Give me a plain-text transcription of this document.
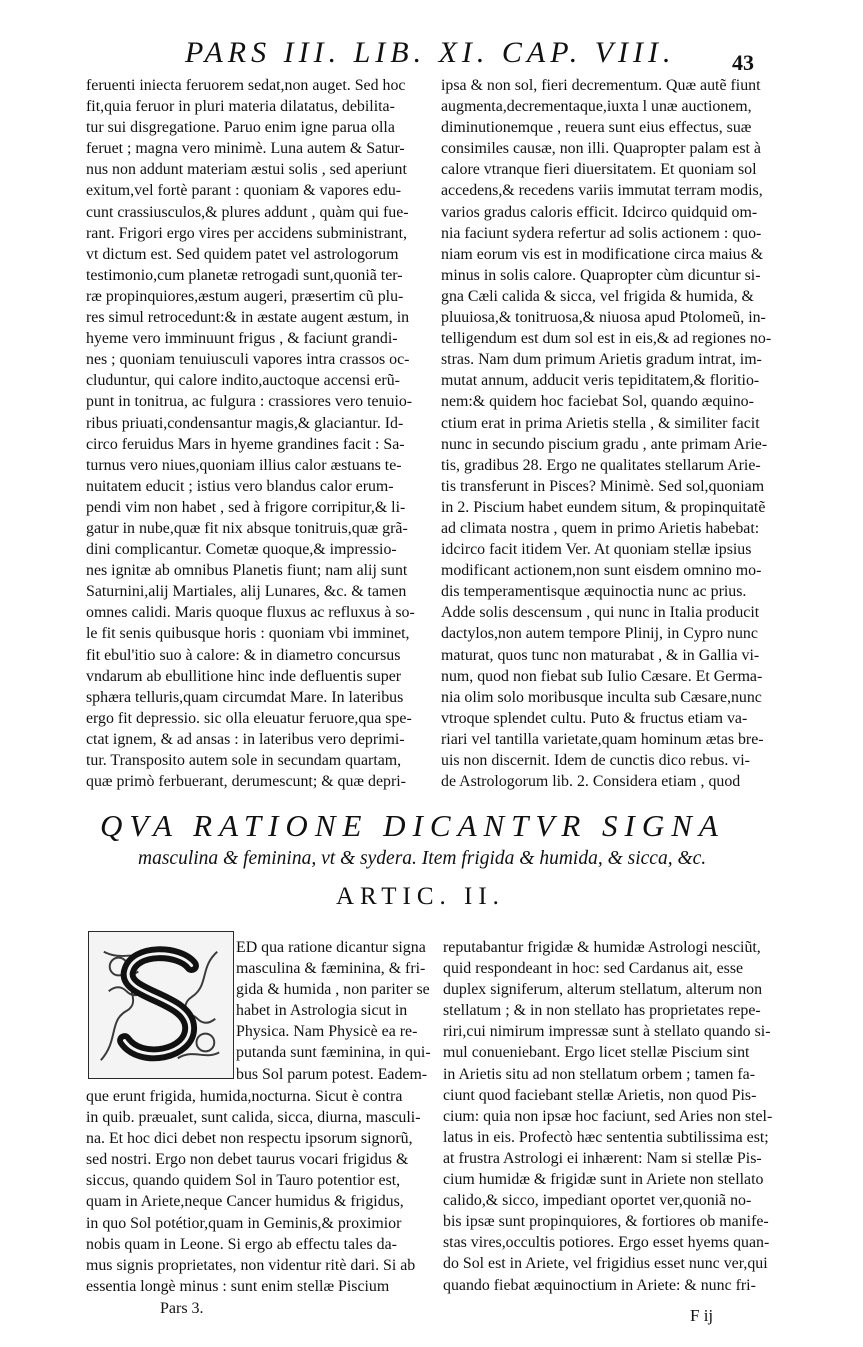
PARS III. LIB. XI. CAP. VIII.	43

feruenti iniecta feruorem sedat,non auget. Sed hoc

fit,quia feruor in pluri materia dilatatus, debilita-

tur sui disgregatione. Paruo enim igne parua olla

feruet ; magna vero minimè. Luna autem & Satur-

nus non addunt materiam æstui solis , sed aperiunt

exitum,vel fortè parant : quoniam & vapores edu-

cunt crassiusculos,& plures addunt , quàm qui fue-

rant. Frigori ergo vires per accidens subministrant,

vt dictum est. Sed quidem patet vel astrologorum

testimonio,cum planetæ retrogadi sunt,quoniã ter-

ræ propinquiores,æstum augeri, præsertim cũ plu-

res simul retrocedunt:& in æstate augent æstum, in

hyeme vero imminuunt frigus , & faciunt grandi-

nes ; quoniam tenuiusculi vapores intra crassos oc-

cluduntur, qui calore indito,auctoque accensi erũ-

punt in tonitrua, ac fulgura : crassiores vero tenuio-

ribus priuati,condensantur magis,& glaciantur. Id-

circo feruidus Mars in hyeme grandines facit : Sa-

turnus vero niues,quoniam illius calor æstuans te-

nuitatem educit ; istius vero blandus calor erum-

pendi vim non habet , sed à frigore corripitur,& li-

gatur in nube,quæ fit nix absque tonitruis,quæ grã-

dini complicantur. Cometæ quoque,& impressio-

nes ignitæ ab omnibus Planetis fiunt; nam alij sunt

Saturnini,alij Martiales, alij Lunares, &c. & tamen

omnes calidi. Maris quoque fluxus ac refluxus à so-

le fit senis quibusque horis : quoniam vbi imminet,

fit ebul'itio suo à calore: & in diametro concursus

vndarum ab ebullitione hinc inde defluentis super

sphæra telluris,quam circumdat Mare. In lateribus

ergo fit depressio. sic olla eleuatur feruore,qua spe-

ctat ignem, & ad ansas : in lateribus vero deprimi-

tur. Transposito autem sole in secundam quartam,

quæ primò ferbuerant, derumescunt; & quæ depri-

ipsa & non sol, fieri decrementum. Quæ autẽ fiunt

augmenta,decrementaque,iuxta l unæ auctionem,

diminutionemque , reuera sunt eius effectus, suæ

consimiles causæ, non illi. Quapropter palam est à

calore vtranque fieri diuersitatem. Et quoniam sol

accedens,& recedens variis immutat terram modis,

varios gradus caloris efficit. Idcirco quidquid om-

nia faciunt sydera refertur ad solis actionem : quo-

niam eorum vis est in modificatione circa maius &

minus in solis calore. Quapropter cùm dicuntur si-

gna Cæli calida & sicca, vel frigida & humida, &

pluuiosa,& tonitruosa,& niuosa apud Ptolomeũ, in-

telligendum est dum sol est in eis,& ad regiones no-

stras. Nam dum primum Arietis gradum intrat, im-

mutat annum, adducit veris tepiditatem,& floritio-

nem:& quidem hoc faciebat Sol, quando æquino-

ctium erat in prima Arietis stella , & similiter facit

nunc in secundo piscium gradu , ante primam Arie-

tis, gradibus 28. Ergo ne qualitates stellarum Arie-

tis transferunt in Pisces? Minimè. Sed sol,quoniam

in 2. Piscium habet eundem situm, & propinquitatẽ

ad climata nostra , quem in primo Arietis habebat:

idcirco facit itidem Ver. At quoniam stellæ ipsius

modificant actionem,non sunt eisdem omnino mo-

dis temperamentisque æquinoctia nunc ac prius.

Adde solis descensum , qui nunc in Italia producit

dactylos,non autem tempore Plinij, in Cypro nunc

maturat, quos tunc non maturabat , & in Gallia vi-

num, quod non fiebat sub Iulio Cæsare. Et Germa-

nia olim solo moribusque inculta sub Cæsare,nunc

vtroque splendet cultu. Puto & fructus etiam va-

riari vel tantilla varietate,quam hominum ætas bre-

uis non discernit. Idem de cunctis dico rebus. vi-

de Astrologorum lib. 2. Considera etiam , quod

QVA RATIONE DICANTVR SIGNA
masculina & feminina, vt & sydera. Item frigida & humida, & sicca, &c.
ARTIC. II.

ED qua ratione dicantur signa

masculina & fæminina, & fri-

gida & humida , non pariter se

habet in Astrologia sicut in

Physica. Nam Physicè ea re-

putanda sunt fæminina, in qui-

bus Sol parum potest. Eadem-

que erunt frigida, humida,nocturna. Sicut è contra

in quib. præualet, sunt calida, sicca, diurna, masculi-

na. Et hoc dici debet non respectu ipsorum signorũ,

sed nostri. Ergo non debet taurus vocari frigidus &

siccus, quando quidem Sol in Tauro potentior est,

quam in Ariete,neque Cancer humidus & frigidus,

in quo Sol potétior,quam in Geminis,& proximior

nobis quam in Leone. Si ergo ab effectu tales da-

mus signis proprietates, non videntur ritè dari. Si ab

essentia longè minus : sunt enim stellæ Piscium

reputabantur frigidæ & humidæ Astrologi nesciũt,

quid respondeant in hoc: sed Cardanus ait, esse

duplex signiferum, alterum stellatum, alterum non

stellatum ; & in non stellato has proprietates repe-

riri,cui nimirum impressæ sunt à stellato quando si-

mul conueniebant. Ergo licet stellæ Piscium sint

in Arietis situ ad non stellatum orbem ; tamen fa-

ciunt quod faciebant stellæ Arietis, non quod Pis-

cium: quia non ipsæ hoc faciunt, sed Aries non stel-

latus in eis. Profectò hæc sententia subtilissima est;

at frustra Astrologi ei inhærent: Nam si stellæ Pis-

cium humidæ & frigidæ sunt in Ariete non stellato

calido,& sicco, impediant oportet ver,quoniã no-

bis ipsæ sunt propinquiores, & fortiores ob manife-

stas vires,occultis potiores. Ergo esset hyems quan-

do Sol est in Ariete, vel frigidius esset nunc ver,qui

quando fiebat æquinoctium in Ariete: & nunc fri-

Pars 3.	F ij
